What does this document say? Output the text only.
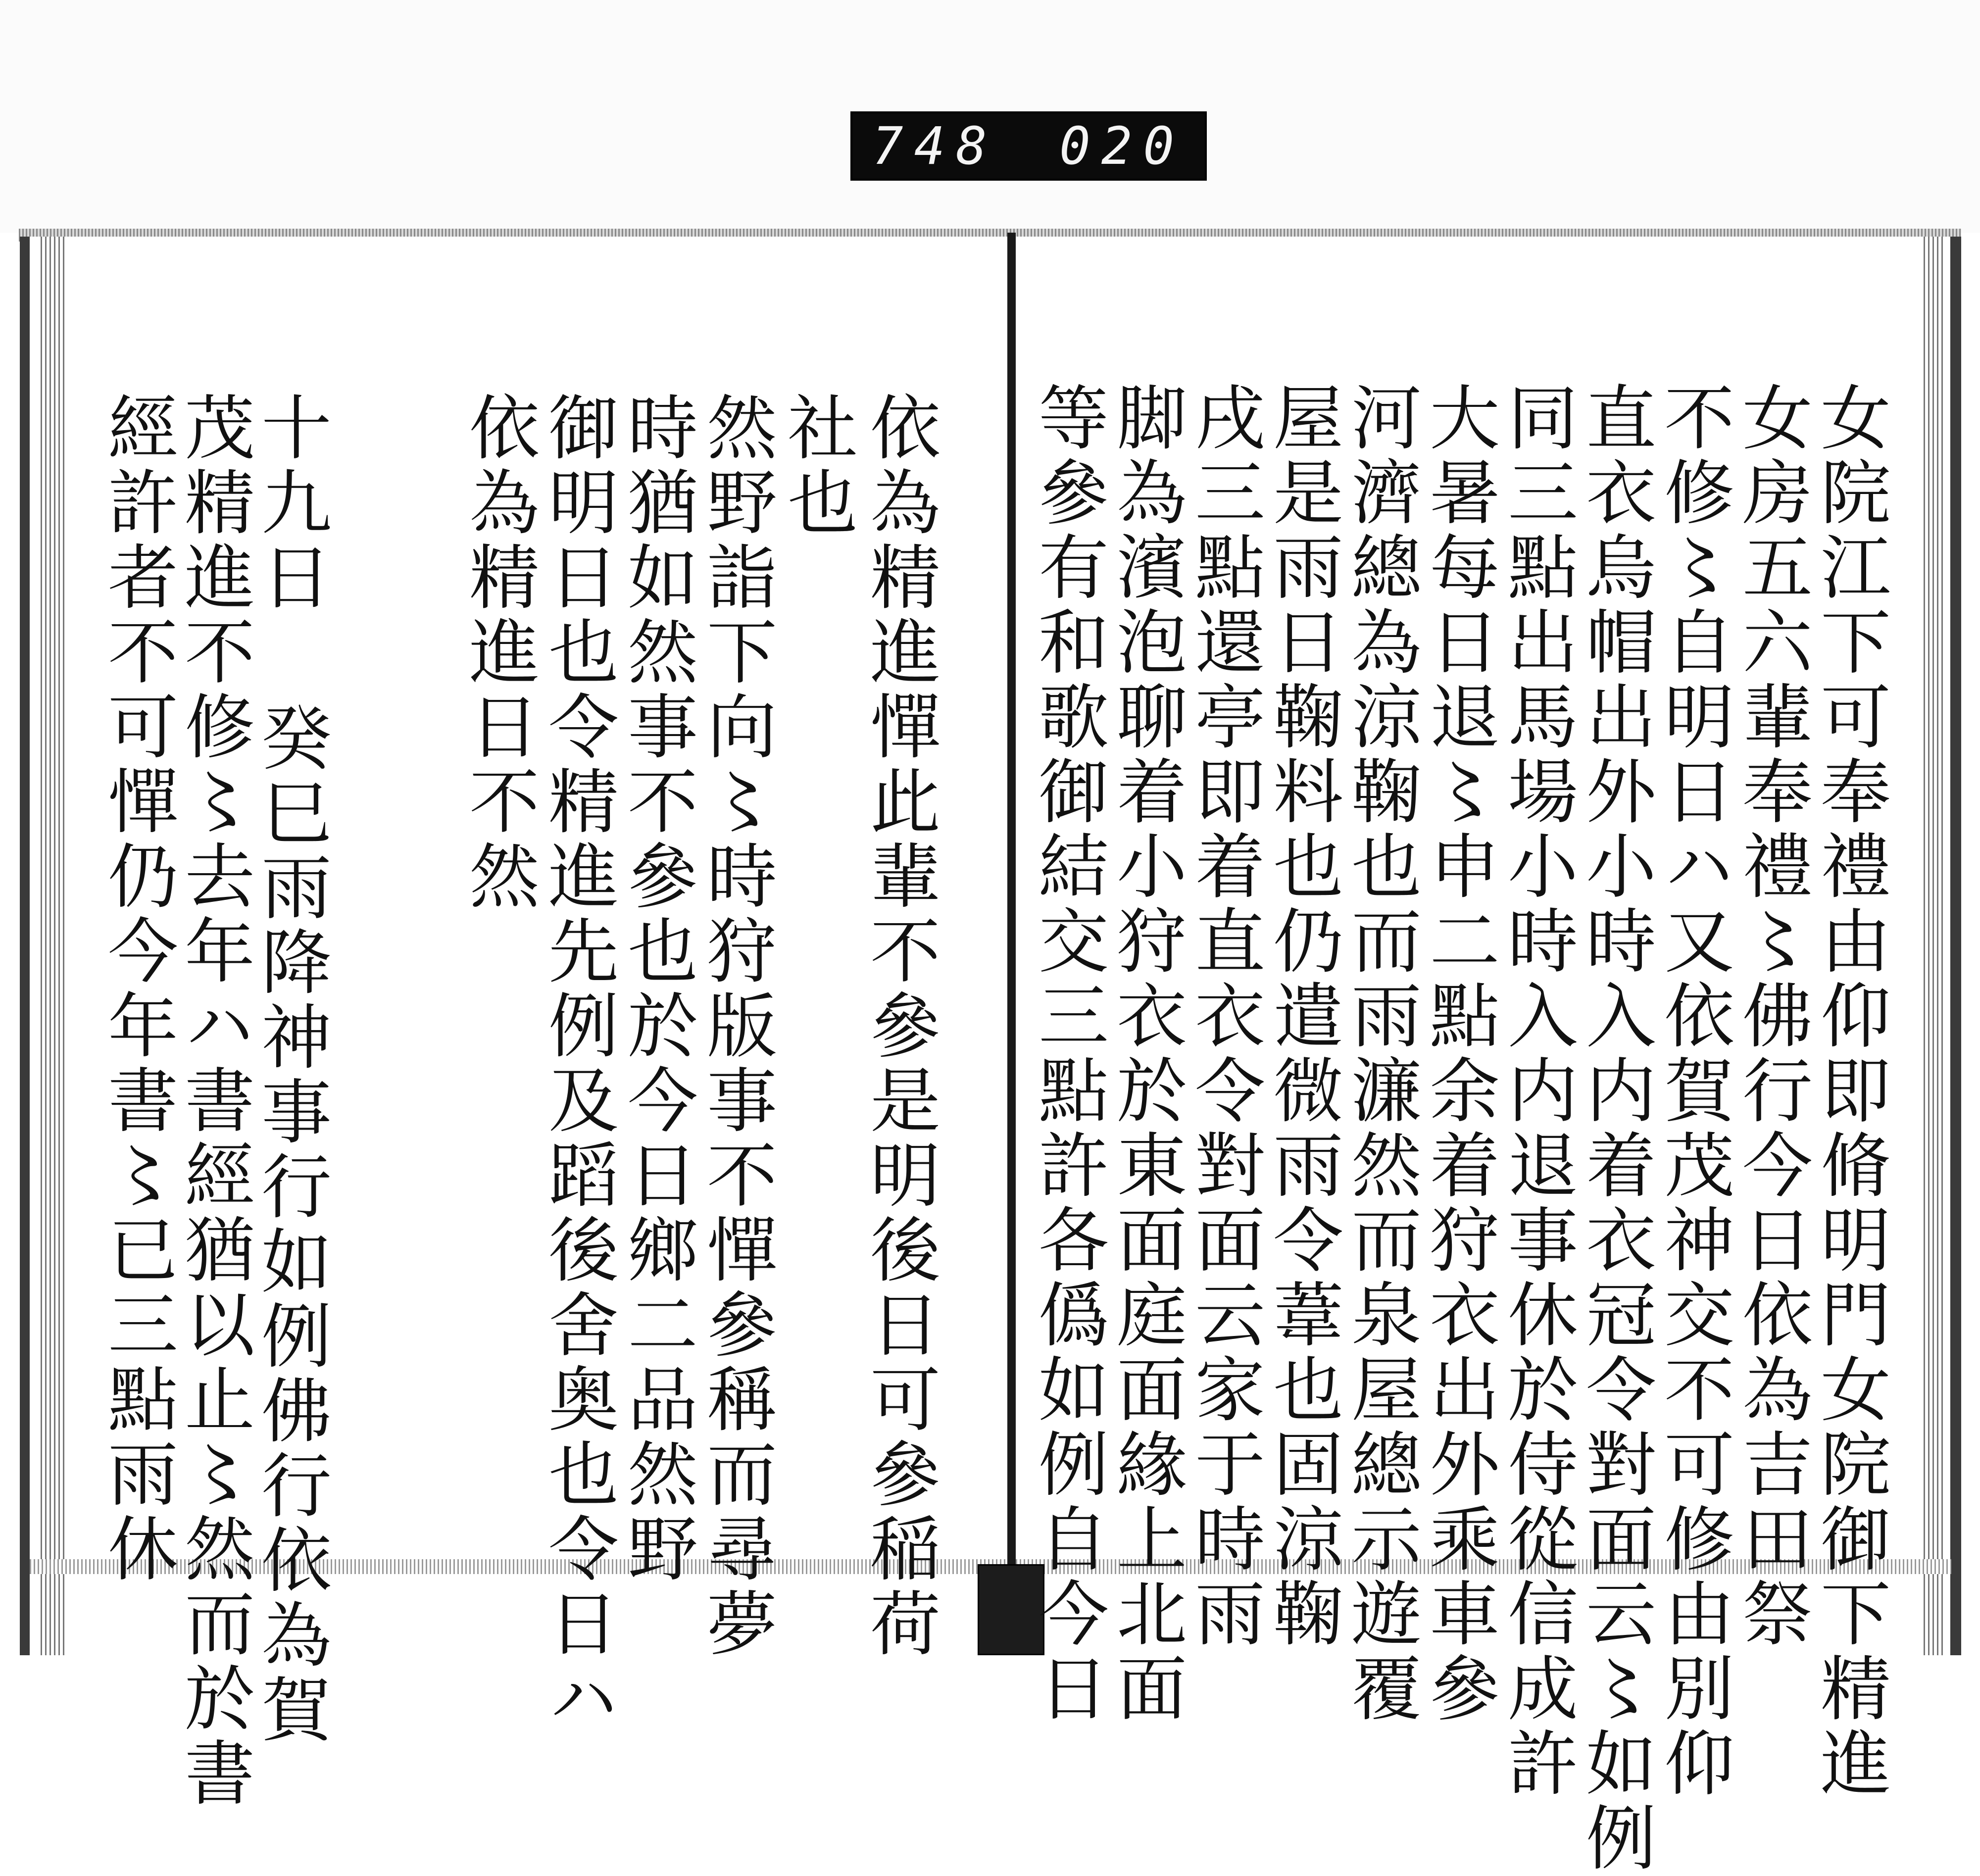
748 020
女院江下可奉禮由仰即脩明門女院御下精進
女房五六輩奉禮〻佛行今日依為吉田祭
不修〻自明日ハ又依賀茂神交不可修由別仰
直衣烏帽出外小時入内着衣冠令對面云〻如例
同三點出馬場小時入内退事休於侍從信成許
大暑每日退〻申二點余着狩衣出外乘車參
河濟總為涼鞠也而雨濂然而泉屋總示遊覆
屋是雨日鞠料也仍遣微雨令葦也固涼鞠
戌三點還亭即着直衣令對面云家于時雨
脚為濱泡聊着小狩衣於東面庭面緣上北面
依為精進憚此輩不參是明後日可參稲荷
社也
然野詣下向〻時狩版事不憚參稱而尋夢
時猶如然事不參也於今日鄉二品然野
御明日也令精進先例及蹈後舍奥也令日ハ
依為精進日不然
十九日 癸巳雨降神事行如例佛行依為賀
茂精進不修〻去年ハ書經猶以止〻然而於書
經許者不可憚仍今年書〻已三點雨休	等參有和歌御結交三點許各僞如例自今日
